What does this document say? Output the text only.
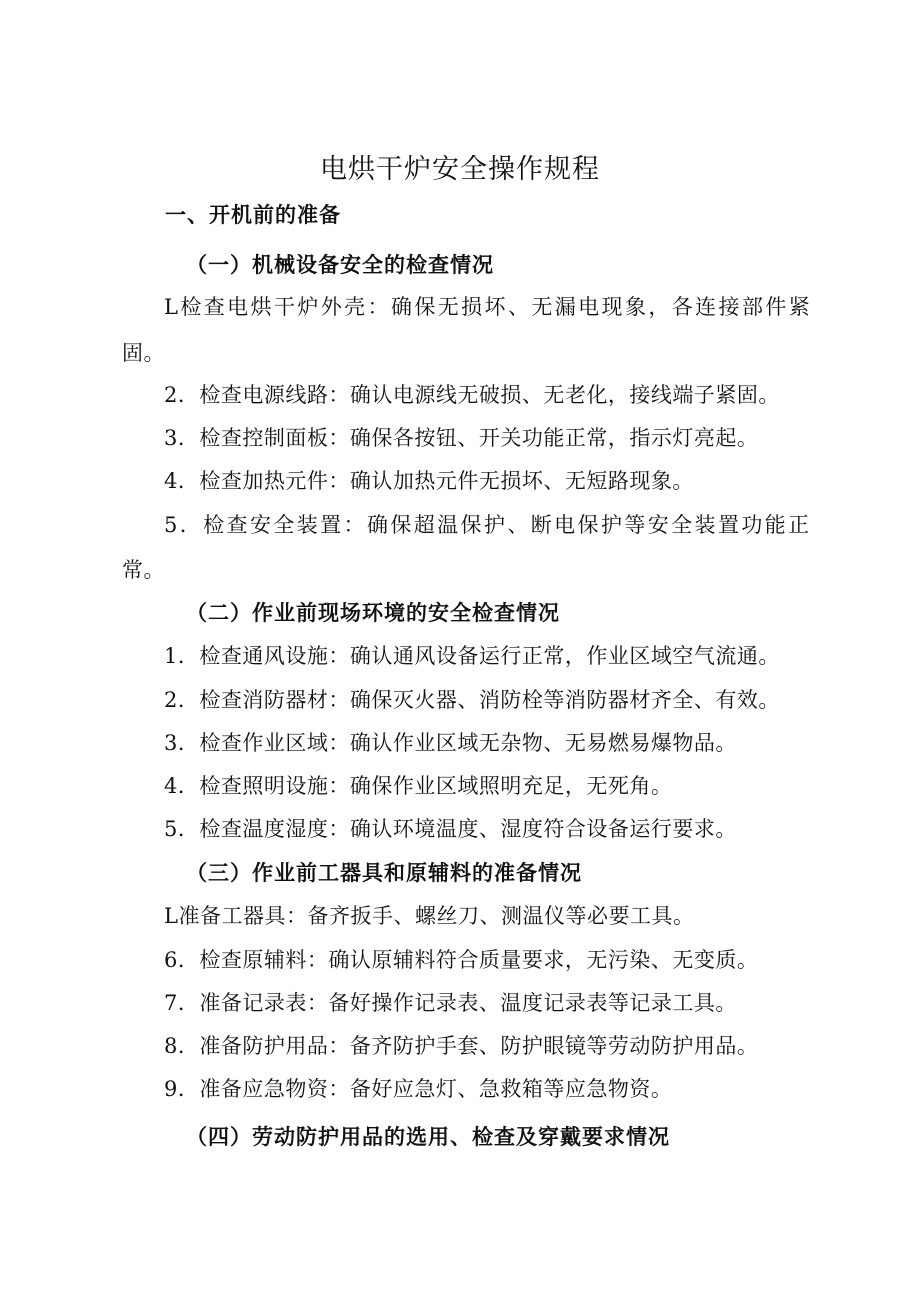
电烘干炉安全操作规程

一、开机前的准备

（一）机械设备安全的检查情况

L检查电烘干炉外壳：确保无损坏、无漏电现象，各连接部件紧

固。

2．检查电源线路：确认电源线无破损、无老化，接线端子紧固。

3．检查控制面板：确保各按钮、开关功能正常，指示灯亮起。

4．检查加热元件：确认加热元件无损坏、无短路现象。

5．检查安全装置：确保超温保护、断电保护等安全装置功能正

常。

（二）作业前现场环境的安全检查情况

1．检查通风设施：确认通风设备运行正常，作业区域空气流通。

2．检查消防器材：确保灭火器、消防栓等消防器材齐全、有效。

3．检查作业区域：确认作业区域无杂物、无易燃易爆物品。

4．检查照明设施：确保作业区域照明充足，无死角。

5．检查温度湿度：确认环境温度、湿度符合设备运行要求。

（三）作业前工器具和原辅料的准备情况

L准备工器具：备齐扳手、螺丝刀、测温仪等必要工具。

6．检查原辅料：确认原辅料符合质量要求，无污染、无变质。

7．准备记录表：备好操作记录表、温度记录表等记录工具。

8．准备防护用品：备齐防护手套、防护眼镜等劳动防护用品。

9．准备应急物资：备好应急灯、急救箱等应急物资。

（四）劳动防护用品的选用、检查及穿戴要求情况
